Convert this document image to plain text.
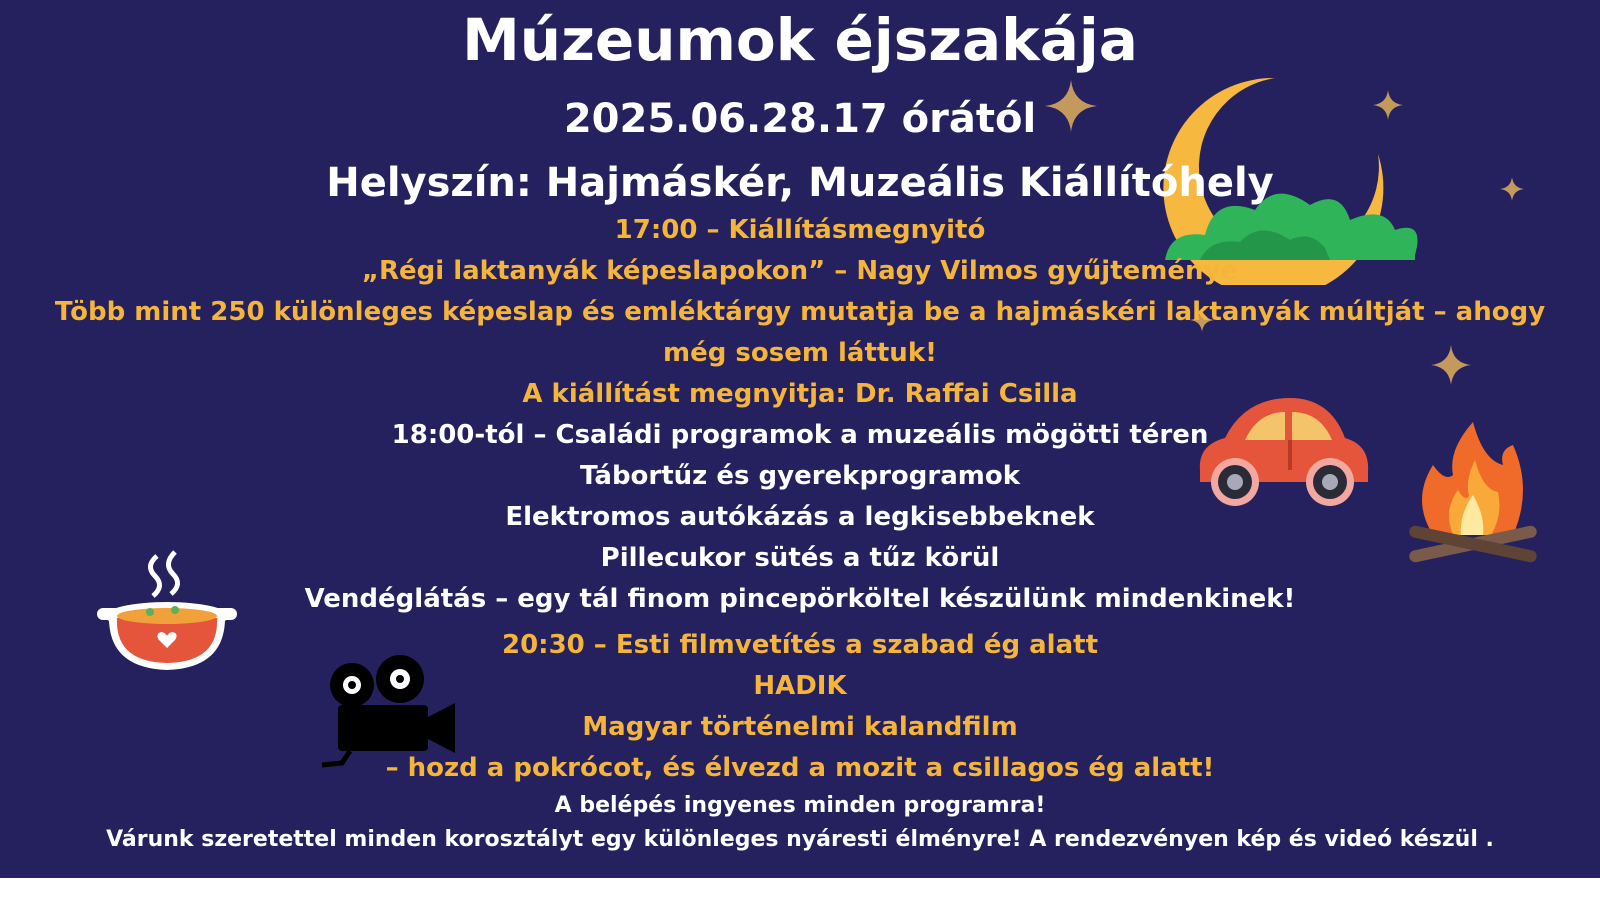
Múzeumok éjszakája

2025.06.28.17 órától

Helyszín: Hajmáskér, Muzeális Kiállítóhely

17:00 – Kiállításmegnyitó

„Régi laktanyák képeslapokon” – Nagy Vilmos gyűjteménye

Több mint 250 különleges képeslap és emléktárgy mutatja be a hajmáskéri laktanyák múltját – ahogy

még sosem láttuk!

A kiállítást megnyitja: Dr. Raffai Csilla

18:00-tól – Családi programok a muzeális mögötti téren

Tábortűz és gyerekprogramok

Elektromos autókázás a legkisebbeknek

Pillecukor sütés a tűz körül

Vendéglátás – egy tál finom pincepörköltel készülünk mindenkinek!

20:30 – Esti filmvetítés a szabad ég alatt

HADIK

Magyar történelmi kalandfilm

– hozd a pokrócot, és élvezd a mozit a csillagos ég alatt!

A belépés ingyenes minden programra!

Várunk szeretettel minden korosztályt egy különleges nyáresti élményre! A rendezvényen kép és videó készül .
